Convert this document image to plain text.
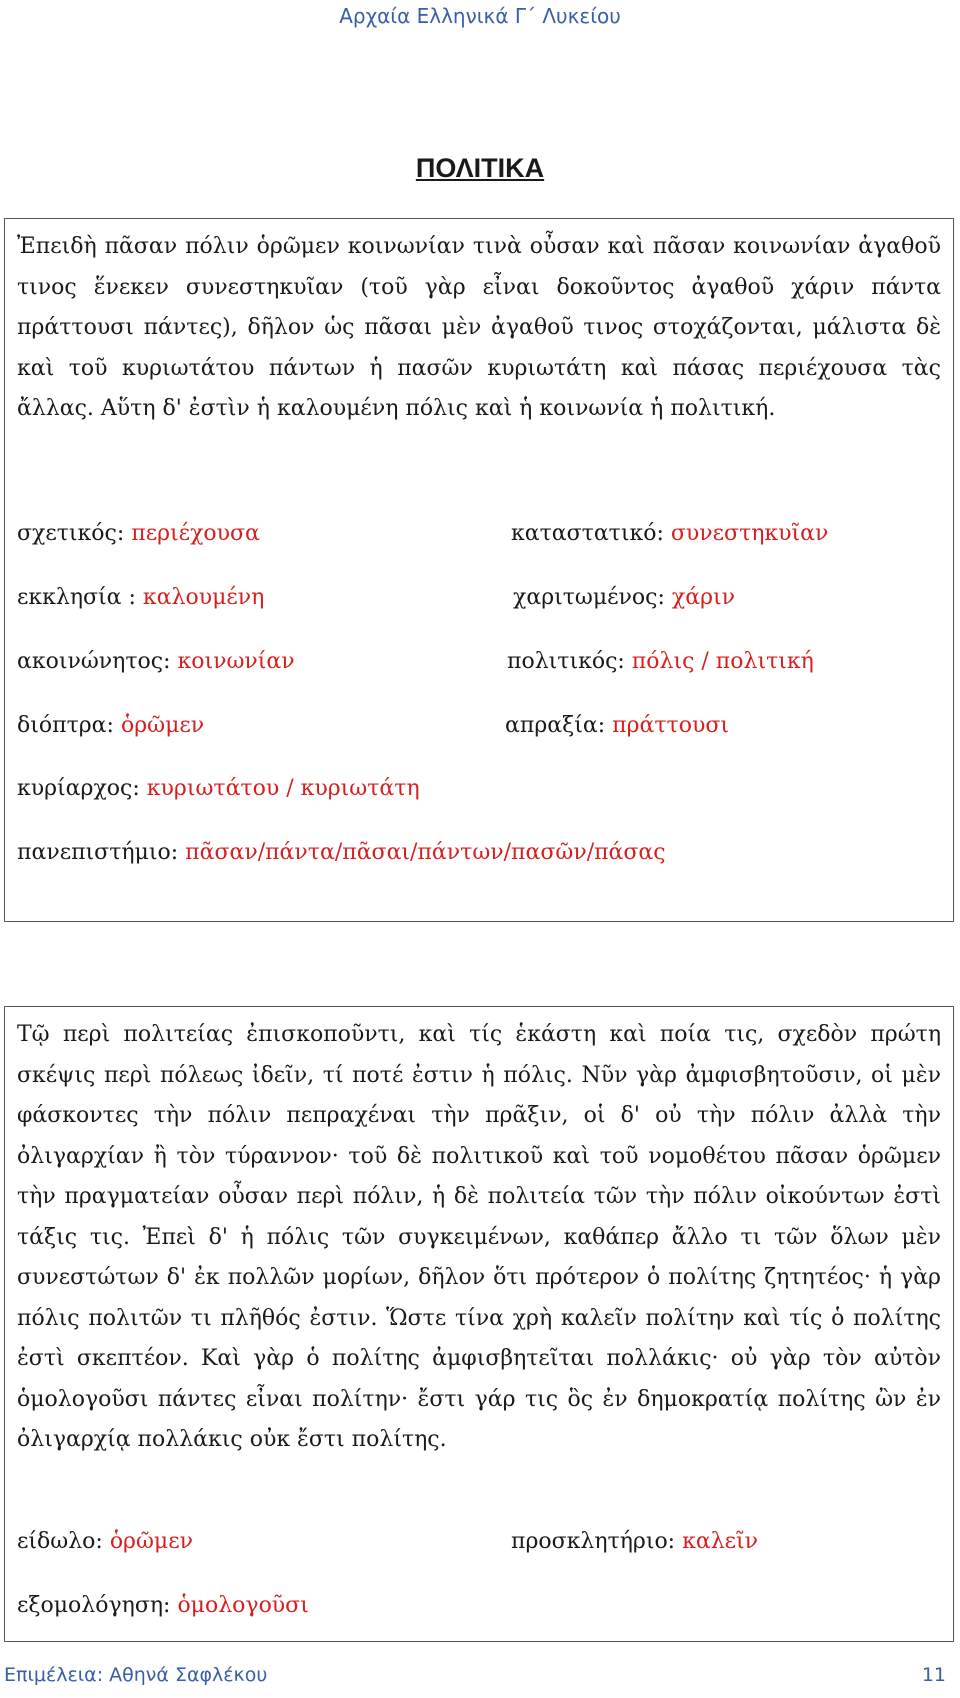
Αρχαία Ελληνικά Γ΄ Λυκείου
ΠΟΛΙΤΙΚΑ
Ἐπειδὴ πᾶσαν πόλιν ὁρῶμεν κοινωνίαν τινὰ οὖσαν καὶ πᾶσαν κοινωνίαν ἀγαθοῦ τινος ἕνεκεν συνεστηκυῖαν (τοῦ γὰρ εἶναι δοκοῦντος ἀγαθοῦ χάριν πάντα πράττουσι πάντες), δῆλον ὡς πᾶσαι μὲν ἀγαθοῦ τινος στοχάζονται, μάλιστα δὲ καὶ τοῦ κυριωτάτου πάντων ἡ πασῶν κυριωτάτη καὶ πάσας περιέχουσα τὰς ἄλλας. Αὕτη δ' ἐστὶν ἡ καλουμένη πόλις καὶ ἡ κοινωνία ἡ πολιτική.
σχετικός: περιέχουσα	καταστατικό: συνεστηκυῖαν
εκκλησία : καλουμένη	χαριτωμένος: χάριν
ακοινώνητος: κοινωνίαν	πολιτικός: πόλις / πολιτική
διόπτρα: ὁρῶμεν	απραξία: πράττουσι
κυρίαρχος: κυριωτάτου / κυριωτάτη
πανεπιστήμιο: πᾶσαν/πάντα/πᾶσαι/πάντων/πασῶν/πάσας
Τῷ περὶ πολιτείας ἐπισκοποῦντι, καὶ τίς ἑκάστη καὶ ποία τις, σχεδὸν πρώτη σκέψις περὶ πόλεως ἰδεῖν, τί ποτέ ἐστιν ἡ πόλις. Νῦν γὰρ ἀμφισβητοῦσιν, οἱ μὲν φάσκοντες τὴν πόλιν πεπραχέναι τὴν πρᾶξιν, οἱ δ' οὐ τὴν πόλιν ἀλλὰ τὴν ὀλιγαρχίαν ἢ τὸν τύραννον· τοῦ δὲ πολιτικοῦ καὶ τοῦ νομοθέτου πᾶσαν ὁρῶμεν τὴν πραγματείαν οὖσαν περὶ πόλιν, ἡ δὲ πολιτεία τῶν τὴν πόλιν οἰκούντων ἐστὶ τάξις τις. Ἐπεὶ δ' ἡ πόλις τῶν συγκειμένων, καθάπερ ἄλλο τι τῶν ὅλων μὲν συνεστώτων δ' ἐκ πολλῶν μορίων, δῆλον ὅτι πρότερον ὁ πολίτης ζητητέος· ἡ γὰρ πόλις πολιτῶν τι πλῆθός ἐστιν. Ὥστε τίνα χρὴ καλεῖν πολίτην καὶ τίς ὁ πολίτης ἐστὶ σκεπτέον. Καὶ γὰρ ὁ πολίτης ἀμφισβητεῖται πολλάκις· οὐ γὰρ τὸν αὐτὸν ὁμολογοῦσι πάντες εἶναι πολίτην· ἔστι γάρ τις ὃς ἐν δημοκρατίᾳ πολίτης ὢν ἐν ὀλιγαρχίᾳ πολλάκις οὐκ ἔστι πολίτης.
είδωλο: ὁρῶμεν	προσκλητήριο: καλεῖν
εξομολόγηση: ὁμολογοῦσι
Επιμέλεια: Αθηνά Σαφλέκου	11
